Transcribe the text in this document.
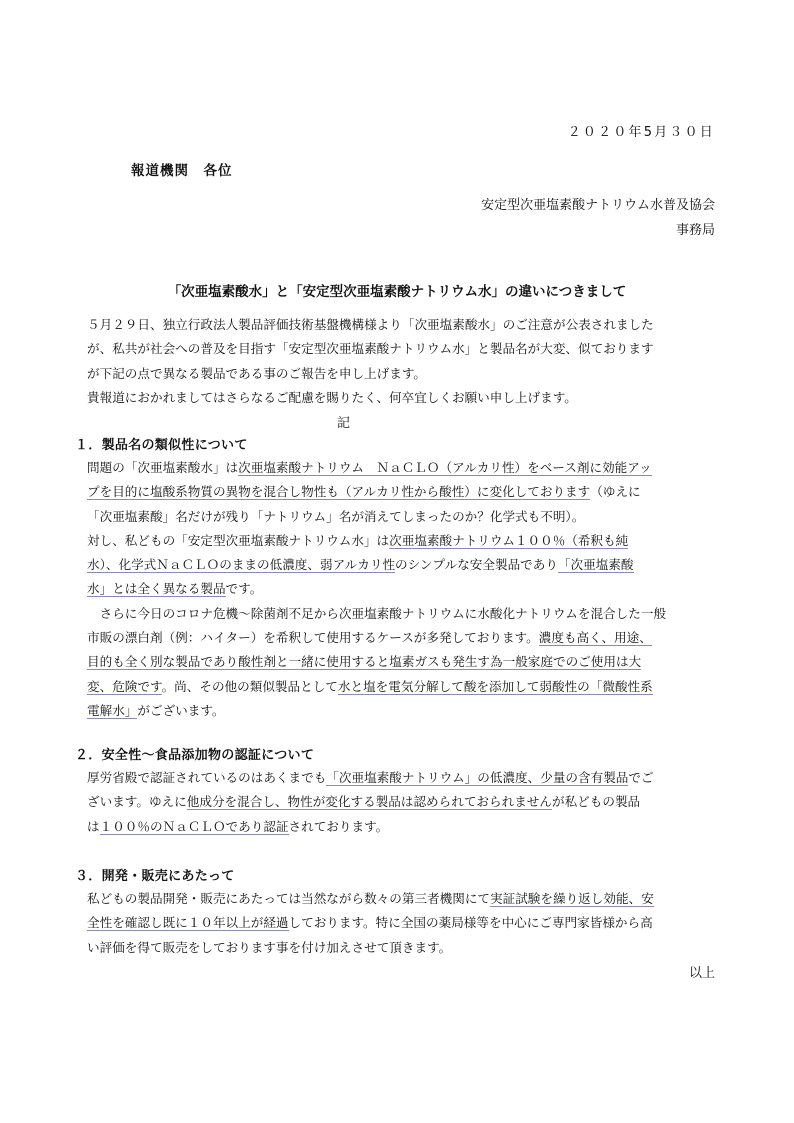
２０２０年5月３０日
報道機関　各位
安定型次亜塩素酸ナトリウム水普及協会
事務局
「次亜塩素酸水」と「安定型次亜塩素酸ナトリウム水」の違いにつきまして
５月２９日、独立行政法人製品評価技術基盤機構様より「次亜塩素酸水」のご注意が公表されました
が、私共が社会への普及を目指す「安定型次亜塩素酸ナトリウム水」と製品名が大変、似ております
が下記の点で異なる製品である事のご報告を申し上げます。
貴報道におかれましてはさらなるご配慮を賜りたく、何卒宜しくお願い申し上げます。
記
１．製品名の類似性について
問題の「次亜塩素酸水」は次亜塩素酸ナトリウム　ＮａＣＬＯ（アルカリ性）をベース剤に効能アッ
プを目的に塩酸系物質の異物を混合し物性も（アルカリ性から酸性）に変化しております（ゆえに
「次亜塩素酸」名だけが残り「ナトリウム」名が消えてしまったのか？化学式も不明）。
対し、私どもの「安定型次亜塩素酸ナトリウム水」は次亜塩素酸ナトリウム１００％（希釈も純
水）、化学式ＮａＣＬＯのままの低濃度、弱アルカリ性のシンプルな安全製品であり「次亜塩素酸
水」とは全く異なる製品です。
　さらに今日のコロナ危機〜除菌剤不足から次亜塩素酸ナトリウムに水酸化ナトリウムを混合した一般
市販の漂白剤（例：ハイター）を希釈して使用するケースが多発しております。濃度も高く、用途、
目的も全く別な製品であり酸性剤と一緒に使用すると塩素ガスも発生す為一般家庭でのご使用は大
変、危険です。尚、その他の類似製品として水と塩を電気分解して酸を添加して弱酸性の「微酸性系
電解水」がございます。
２．安全性〜食品添加物の認証について
厚労省殿で認証されているのはあくまでも「次亜塩素酸ナトリウム」の低濃度、少量の含有製品でご
ざいます。ゆえに他成分を混合し、物性が変化する製品は認められておられませんが私どもの製品
は１００％のＮａＣＬＯであり認証されております。
３．開発・販売にあたって
私どもの製品開発・販売にあたっては当然ながら数々の第三者機関にて実証試験を繰り返し効能、安
全性を確認し既に１０年以上が経過しております。特に全国の薬局様等を中心にご専門家皆様から高
い評価を得て販売をしております事を付け加えさせて頂きます。
以上
